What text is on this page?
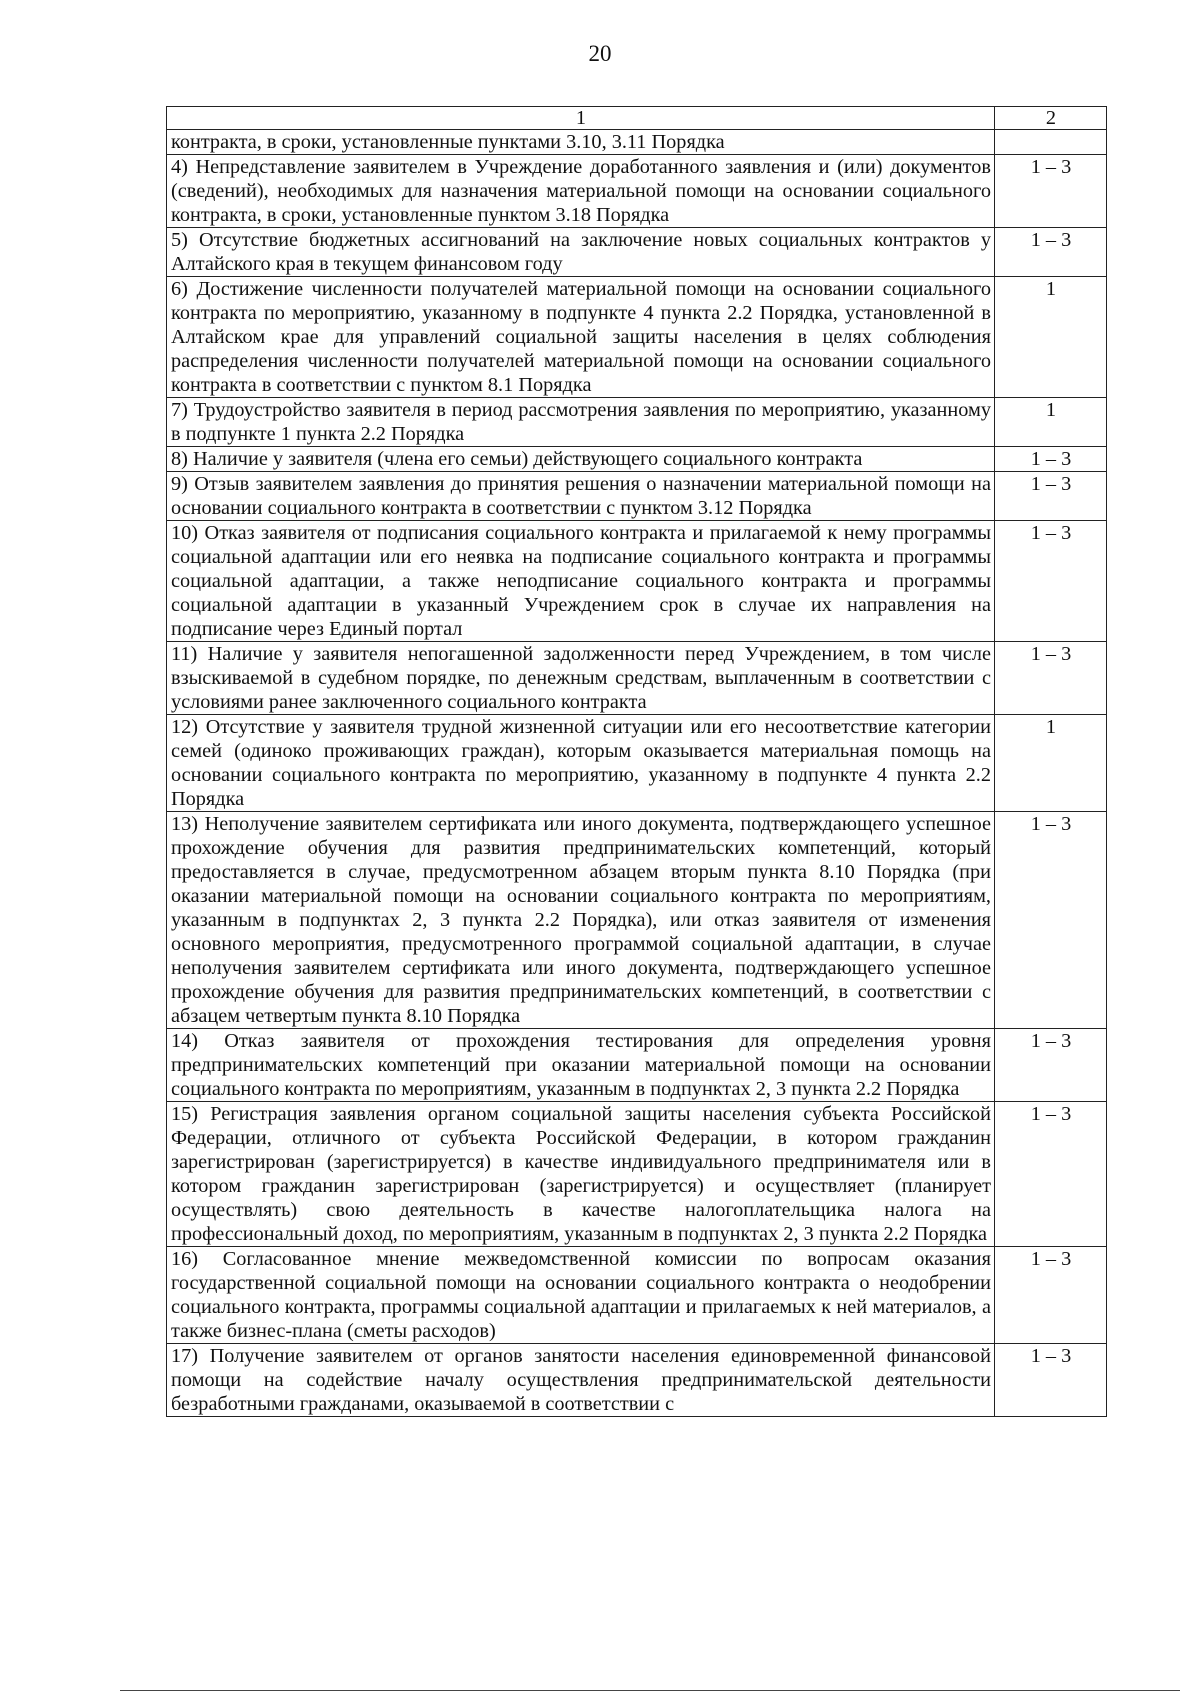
20
1	2
контракта, в сроки, установленные пунктами 3.10, 3.11 Порядка	
4) Непредставление заявителем в Учреждение доработанного заявления и (или) документов (сведений), необходимых для назначения материальной помощи на основании социального контракта, в сроки, установленные пунктом 3.18 Порядка	1 – 3
5) Отсутствие бюджетных ассигнований на заключение новых социальных контрактов у Алтайского края в текущем финансовом году	1 – 3
6) Достижение численности получателей материальной помощи на основании социального контракта по мероприятию, указанному в подпункте 4 пункта 2.2 Порядка, установленной в Алтайском крае для управлений социальной защиты населения в целях соблюдения распределения численности получателей материальной помощи на основании социального контракта в соответствии с пунктом 8.1 Порядка	1
7) Трудоустройство заявителя в период рассмотрения заявления по мероприятию, указанному в подпункте 1 пункта 2.2 Порядка	1
8) Наличие у заявителя (члена его семьи) действующего социального контракта	1 – 3
9) Отзыв заявителем заявления до принятия решения о назначении материальной помощи на основании социального контракта в соответствии с пунктом 3.12 Порядка	1 – 3
10) Отказ заявителя от подписания социального контракта и прилагаемой к нему программы социальной адаптации или его неявка на подписание социального контракта и программы социальной адаптации, а также неподписание социального контракта и программы социальной адаптации в указанный Учреждением срок в случае их направления на подписание через Единый портал	1 – 3
11) Наличие у заявителя непогашенной задолженности перед Учреждением, в том числе взыскиваемой в судебном порядке, по денежным средствам, выплаченным в соответствии с условиями ранее заключенного социального контракта	1 – 3
12) Отсутствие у заявителя трудной жизненной ситуации или его несоответствие категории семей (одиноко проживающих граждан), которым оказывается материальная помощь на основании социального контракта по мероприятию, указанному в подпункте 4 пункта 2.2 Порядка	1
13) Неполучение заявителем сертификата или иного документа, подтверждающего успешное прохождение обучения для развития предпринимательских компетенций, который предоставляется в случае, предусмотренном абзацем вторым пункта 8.10 Порядка (при оказании материальной помощи на основании социального контракта по мероприятиям, указанным в подпунктах 2, 3 пункта 2.2 Порядка), или отказ заявителя от изменения основного мероприятия, предусмотренного программой социальной адаптации, в случае неполучения заявителем сертификата или иного документа, подтверждающего успешное прохождение обучения для развития предпринимательских компетенций, в соответствии с абзацем четвертым пункта 8.10 Порядка	1 – 3
14) Отказ заявителя от прохождения тестирования для определения уровня предпринимательских компетенций при оказании материальной помощи на основании социального контракта по мероприятиям, указанным в подпунктах 2, 3 пункта 2.2 Порядка	1 – 3
15) Регистрация заявления органом социальной защиты населения субъекта Российской Федерации, отличного от субъекта Российской Федерации, в котором гражданин зарегистрирован (зарегистрируется) в качестве индивидуального предпринимателя или в котором гражданин зарегистрирован (зарегистрируется) и осуществляет (планирует осуществлять) свою деятельность в качестве налогоплательщика налога на профессиональный доход, по мероприятиям, указанным в подпунктах 2, 3 пункта 2.2 Порядка	1 – 3
16) Согласованное мнение межведомственной комиссии по вопросам оказания государственной социальной помощи на основании социального контракта о неодобрении социального контракта, программы социальной адаптации и прилагаемых к ней материалов, а также бизнес-плана (сметы расходов)	1 – 3
17) Получение заявителем от органов занятости населения единовременной финансовой помощи на содействие началу осуществления предпринимательской деятельности безработными гражданами, оказываемой в соответствии с	1 – 3
